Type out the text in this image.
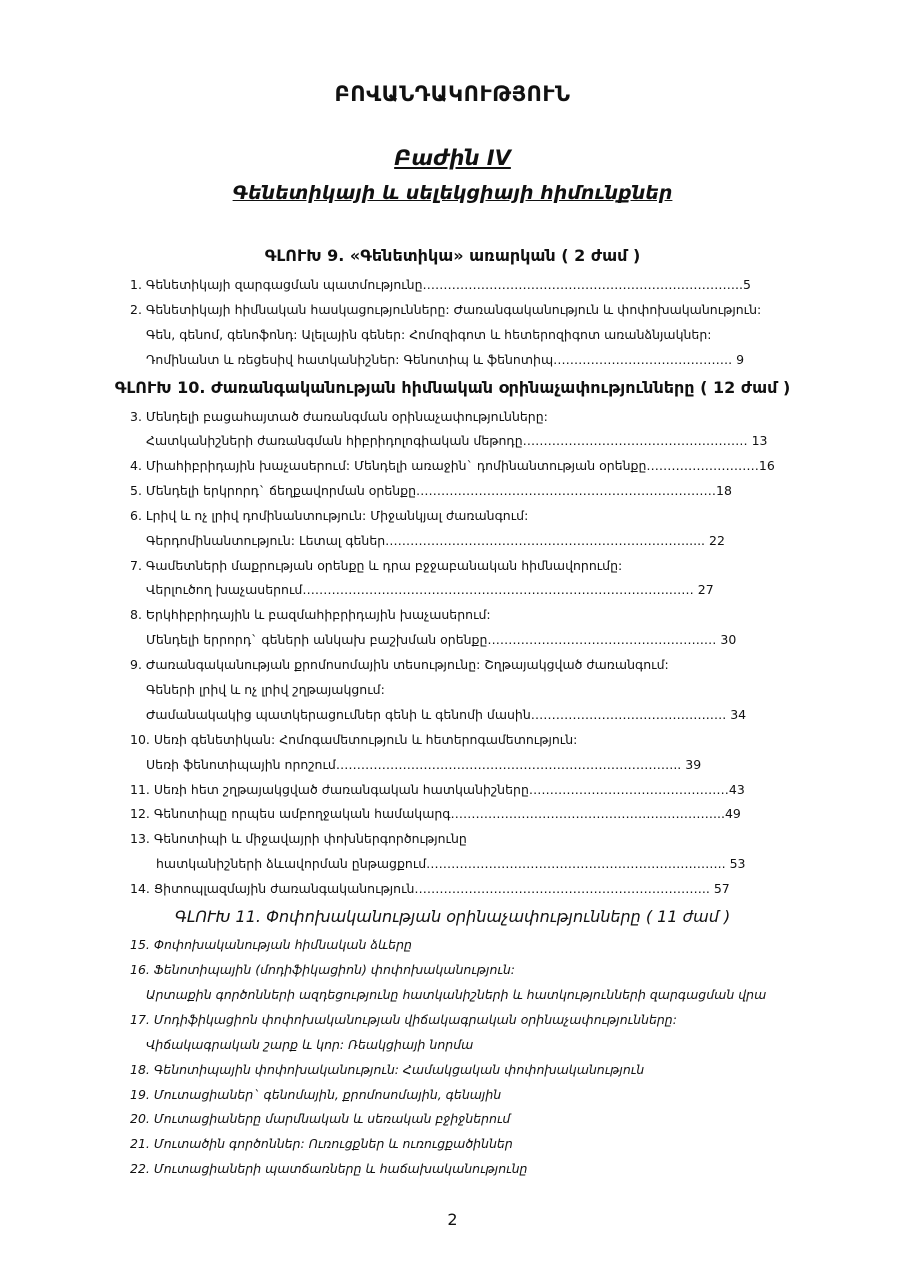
ԲՈՎԱՆԴԱԿՈՒԹՅՈՒՆ
Բաժին IV
Գենետիկայի և սելեկցիայի հիմունքներ
ԳԼՈՒԽ 9. «Գենետիկա» առարկան ( 2 ժամ )
1. Գենետիկայի զարգացման պատմությունը…………………………………………………………………..5
2. Գենետիկայի հիմնական հասկացությունները: Ժառանգականություն և փոփոխականություն:
Գեն, գենոմ, գենոֆոնդ: Ալելային գեներ: Հոմոզիգոտ և հետերոզիգոտ առանձնյակներ:
Դոմինանտ և ռեցեսիվ հատկանիշներ: Գենոտիպ և ֆենոտիպ……………………………………. 9
ԳԼՈՒԽ 10. Ժառանգականության հիմնական օրինաչափությունները ( 12 ժամ )
3. Մենդելի բացահայտած ժառանգման օրինաչափությունները:
Հատկանիշների ժառանգման հիբրիդոլոգիական մեթոդը……………………………………………… 13
4. Միահիբրիդային խաչասերում: Մենդելի առաջին` դոմինանտության օրենքը………………………16
5. Մենդելի երկրորդ` ճեղքավորման օրենքը………………………………………………………………18
6. Լրիվ և ոչ լրիվ դոմինանտություն: Միջանկյալ ժառանգում:
Գերդոմինանտություն: Լետալ գեներ………………………………………………………………..... 22
7. Գամետների մաքրության օրենքը և դրա բջջաբանական հիմնավորումը:
Վերլուծող խաչասերում…………………………………………………………………………….…… 27
8. Երկհիբրիդային և բազմահիբրիդային խաչասերում:
Մենդելի երրորդ` գեների անկախ բաշխման օրենքը…………………………………………….… 30
9. Ժառանգականության քրոմոսոմային տեսությունը: Շղթայակցված ժառանգում:
Գեների լրիվ և ոչ լրիվ շղթայակցում:
Ժամանակակից պատկերացումներ գենի և գենոմի մասին…………………………………….…. 34
10. Սեռի գենետիկան: Հոմոգամետություն և հետերոգամետություն:
Սեռի ֆենոտիպային որոշում……………………………………………………………………….. 39
11. Սեռի հետ շղթայակցված ժառանգական հատկանիշները…………………………………………43
12. Գենոտիպը որպես ամբողջական համակարգ………………………………………………………...49
13. Գենոտիպի և միջավայրի փոխներգործությունը
հատկանիշների ձևավորման ընթացքում……………………………………………………….…….. 53
14. Ցիտոպլազմային ժառանգականություն…………………………………………………………….. 57
ԳԼՈՒԽ 11. Փոփոխականության օրինաչափությունները ( 11 ժամ )
15. Փոփոխականության հիմնական ձևերը
16. Ֆենոտիպային (մոդիֆիկացիոն) փոփոխականություն:
Արտաքին գործոնների ազդեցությունը հատկանիշների և հատկությունների զարգացման վրա
17. Մոդիֆիկացիոն փոփոխականության վիճակագրական օրինաչափությունները:
Վիճակագրական շարք և կոր: Ռեակցիայի նորմա
18. Գենոտիպային փոփոխականություն: Համակցական փոփոխականություն
19. Մուտացիաներ` գենոմային, քրոմոսոմային, գենային
20. Մուտացիաները մարմնական և սեռական բջիջներում
21. Մուտածին գործոններ: Ուռուցքներ և ուռուցքածիններ
22. Մուտացիաների պատճառները և հաճախականությունը
2
